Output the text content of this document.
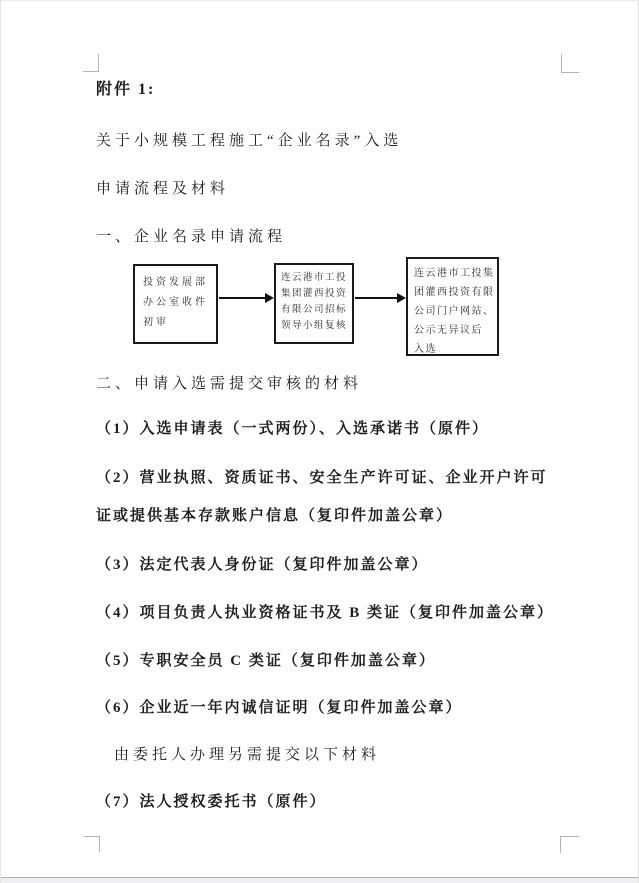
附件 1:
关于小规模工程施工“企业名录”入选
申请流程及材料
一、企业名录申请流程
投资发展部
办公室收件
初审
连云港市工投
集团灌西投资
有限公司招标
领导小组复核
连云港市工投集
团灌西投资有限
公司门户网站、
公示无异议后
入选
二、申请入选需提交审核的材料
（1）入选申请表（一式两份）、入选承诺书（原件）
（2）营业执照、资质证书、安全生产许可证、企业开户许可
证或提供基本存款账户信息（复印件加盖公章）
（3）法定代表人身份证（复印件加盖公章）
（4）项目负责人执业资格证书及 B 类证（复印件加盖公章）
（5）专职安全员 C 类证（复印件加盖公章）
（6）企业近一年内诚信证明（复印件加盖公章）
由委托人办理另需提交以下材料
（7）法人授权委托书（原件）
